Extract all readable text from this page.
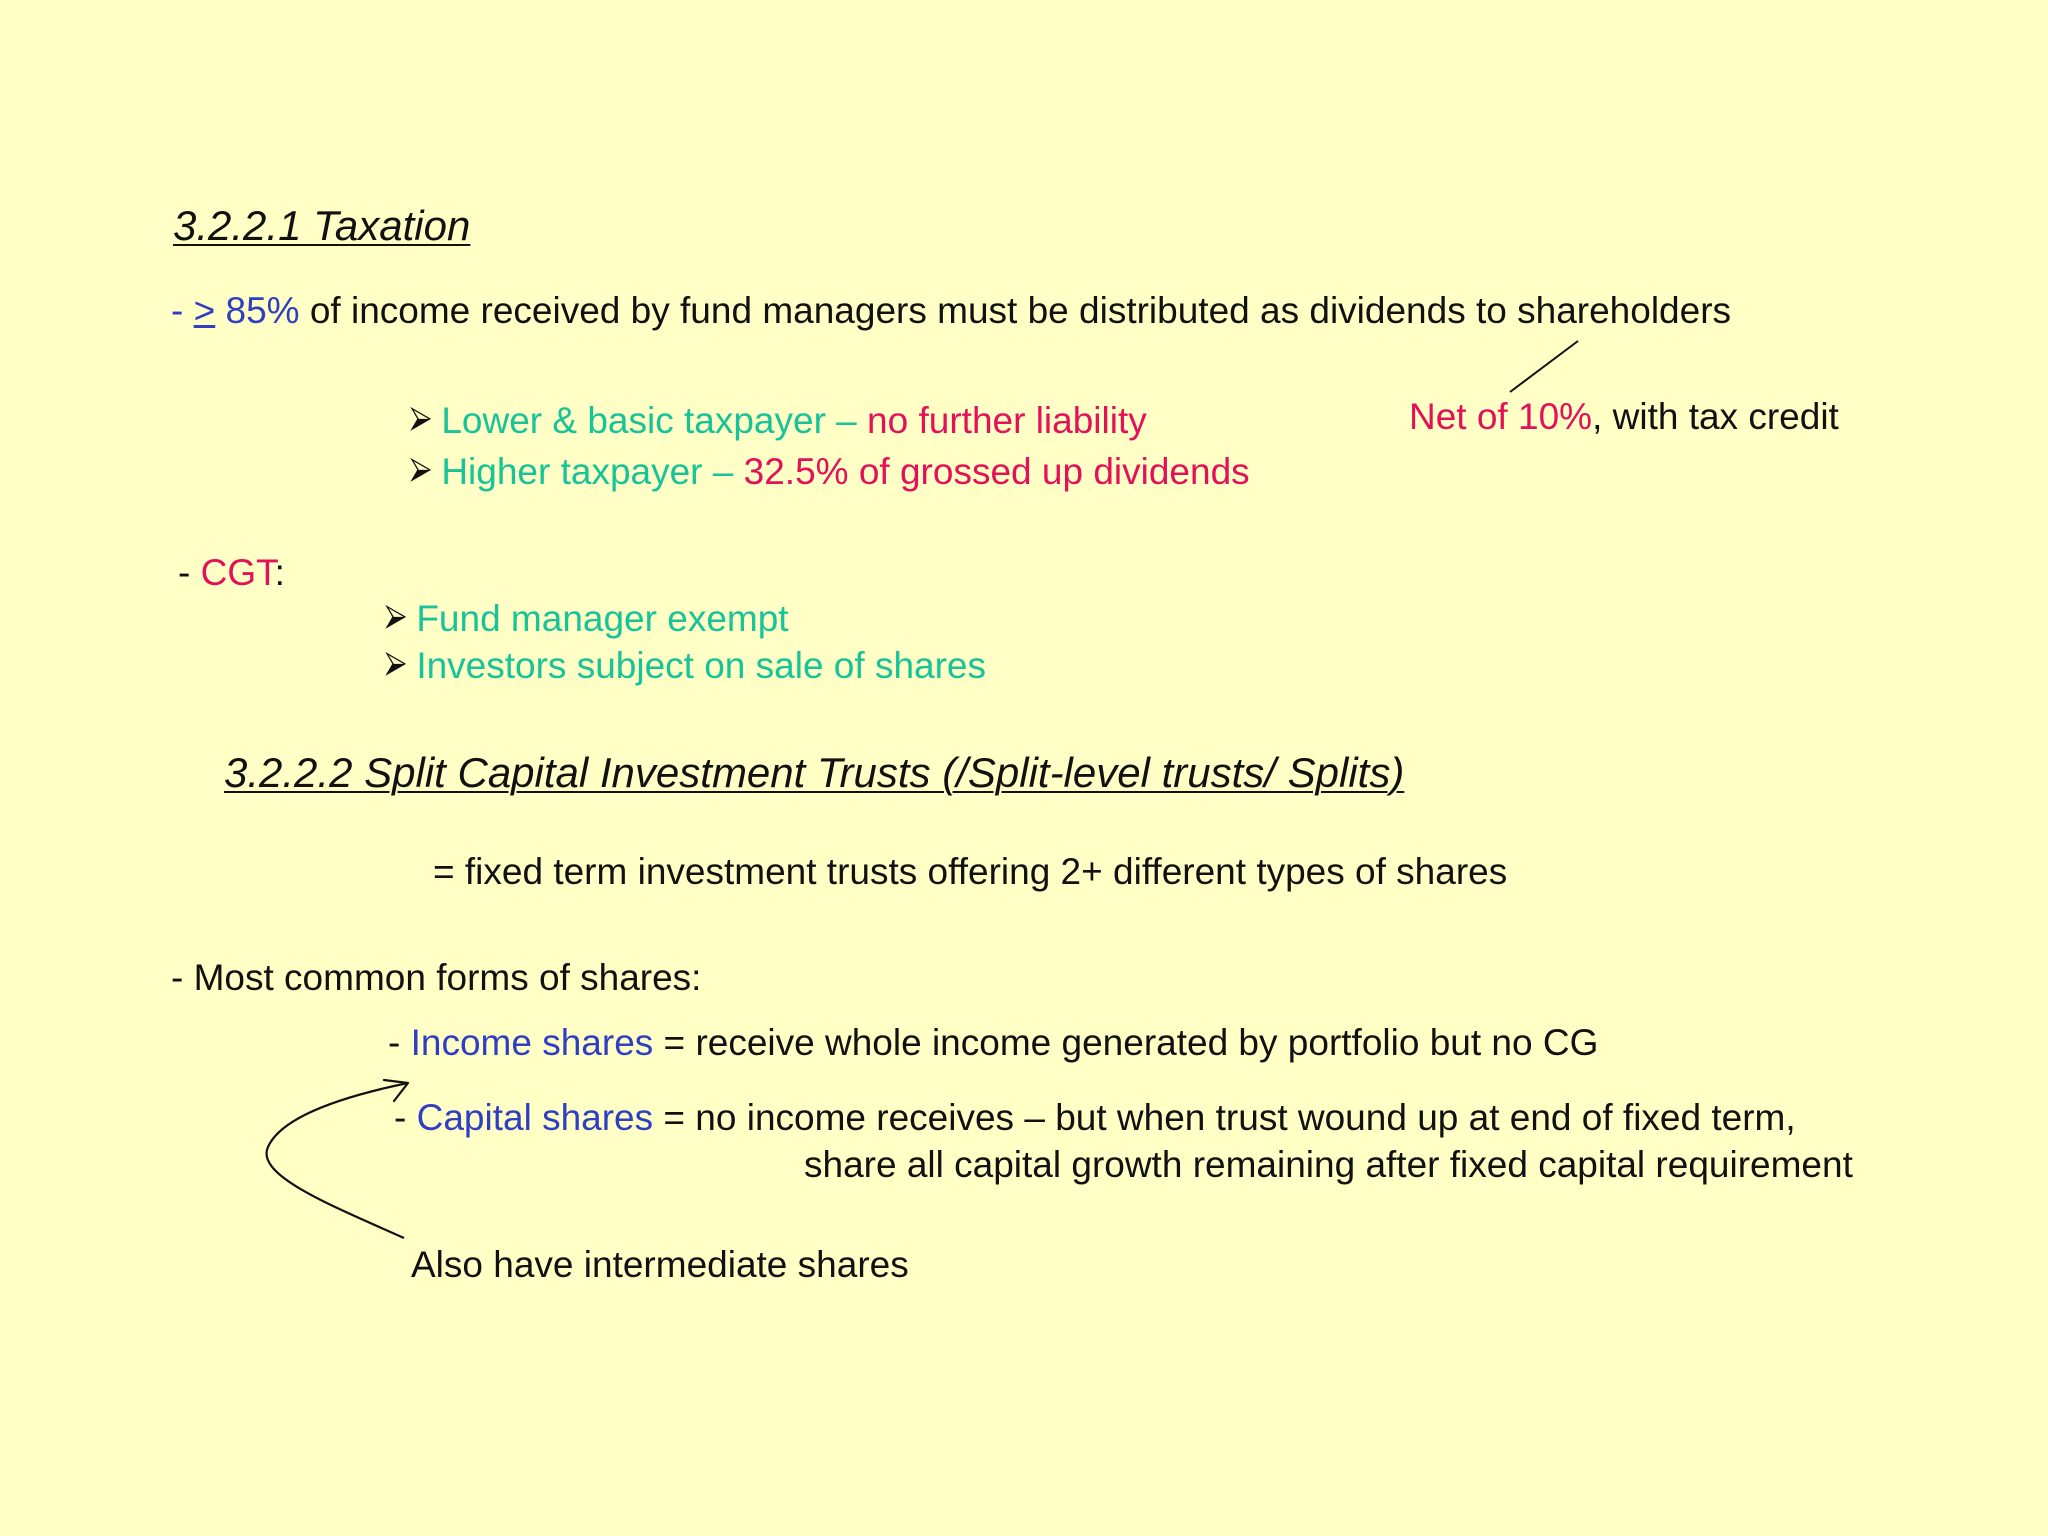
3.2.2.1 Taxation
- ≥ 85% of income received by fund managers must be distributed as dividends to shareholders
⮚ Lower & basic taxpayer – no further liability
⮚ Higher taxpayer – 32.5% of grossed up dividends
Net of 10%, with tax credit
- CGT:
⮚ Fund manager exempt
⮚ Investors subject on sale of shares
3.2.2.2 Split Capital Investment Trusts (/Split-level trusts/ Splits)
= fixed term investment trusts offering 2+ different types of shares
- Most common forms of shares:
- Income shares = receive whole income generated by portfolio but no CG
- Capital shares = no income receives – but when trust wound up at end of fixed term,
share all capital growth remaining after fixed capital requirement
Also have intermediate shares
